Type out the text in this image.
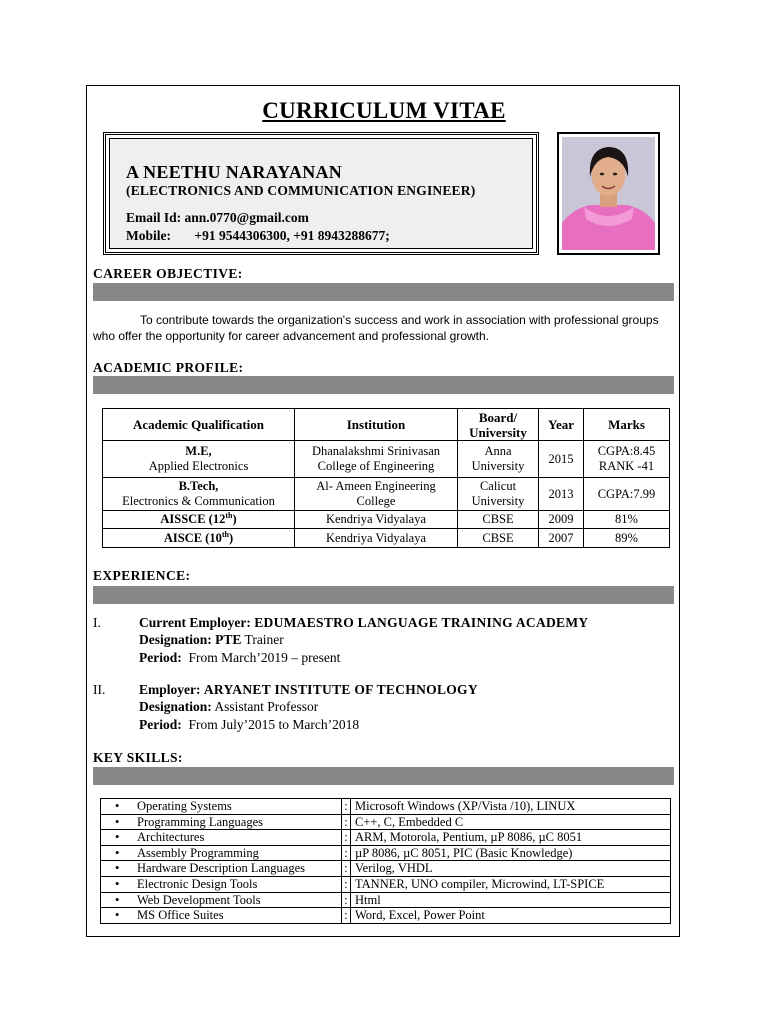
CURRICULUM VITAE
A NEETHU NARAYANAN
(ELECTRONICS AND COMMUNICATION ENGINEER)
Email Id: ann.0770@gmail.com
Mobile: +91 9544306300, +91 8943288677;
CAREER OBJECTIVE:
To contribute towards the organization's success and work in association with professional groups who offer the opportunity for career advancement and professional growth.
ACADEMIC PROFILE:
Academic Qualification	Institution	Board/ University	Year	Marks
M.E,
Applied Electronics	Dhanalakshmi Srinivasan College of Engineering	Anna University	2015	CGPA:8.45 RANK -41
B.Tech,
Electronics & Communication	Al- Ameen Engineering College	Calicut University	2013	CGPA:7.99
AISSCE (12th)	Kendriya Vidyalaya	CBSE	2009	81%
AISCE (10th)	Kendriya Vidyalaya	CBSE	2007	89%
EXPERIENCE:
I.	Current Employer: EDUMAESTRO LANGUAGE TRAINING ACADEMY
Designation: PTE Trainer
Period: From March’2019 – present
II. Employer: ARYANET INSTITUTE OF TECHNOLOGY
Designation: Assistant Professor
Period: From July’2015 to March’2018
KEY SKILLS:
• Operating Systems	:	Microsoft Windows (XP/Vista /10), LINUX
• Programming Languages	:	C++, C, Embedded C
• Architectures	:	ARM, Motorola, Pentium, µP 8086, µC 8051
• Assembly Programming	:	µP 8086, µC 8051, PIC (Basic Knowledge)
• Hardware Description Languages	:	Verilog, VHDL
• Electronic Design Tools	:	TANNER, UNO compiler, Microwind, LT-SPICE
• Web Development Tools	:	Html
• MS Office Suites	:	Word, Excel, Power Point
